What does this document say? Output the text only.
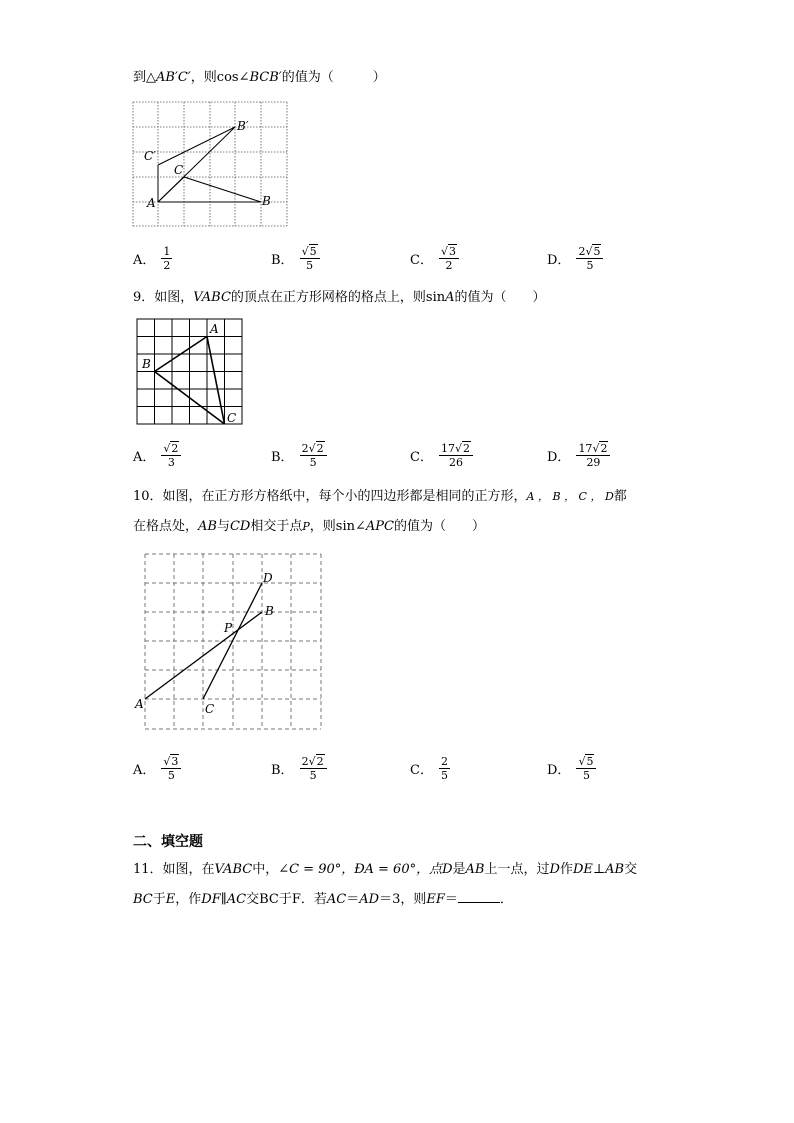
到△AB′C′，则cos∠BCB′的值为（　　　）
A	B
C
B′
C′
A． $\frac{1}{2}$	B． $\frac{√5}{5}$	C． $\frac{√3}{2}$	D． $\frac{2√5}{5}$
9．如图，VABC的顶点在正方形网格的格点上，则sinA的值为（　　）
A
B
C
A． $\frac{√2}{3}$	B． $\frac{2√2}{5}$	C． $\frac{17√2}{26}$	D． $\frac{17√2}{29}$
10．如图，在正方形方格纸中，每个小的四边形都是相同的正方形，A ， B ， C ， D都
在格点处，AB与CD相交于点P，则sin∠APC的值为（　　）
A
B
C
D
P
A． $\frac{√3}{5}$	B． $\frac{2√2}{5}$	C． $\frac{2}{5}$	D． $\frac{√5}{5}$
二、填空题
11．如图，在VABC中，∠C = 90°，ÐA = 60°，点D是AB上一点，过D作DE⊥AB交
BC于E，作DF∥AC交BC于F．若AC＝AD＝3，则EF＝	．
